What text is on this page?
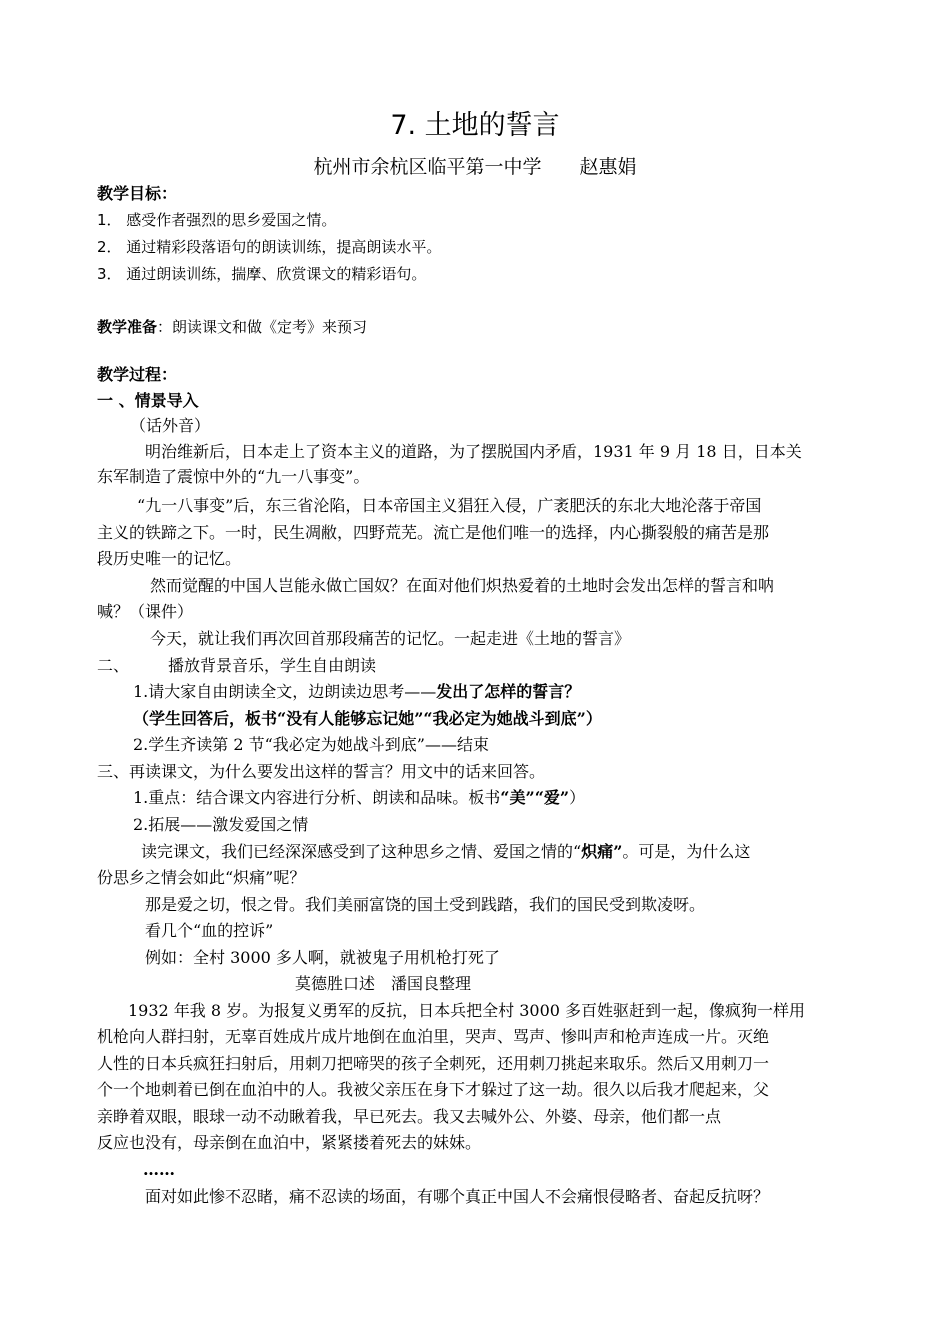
7. 土地的誓言
杭州市余杭区临平第一中学　　赵惠娟
教学目标：
1． 感受作者强烈的思乡爱国之情。
2． 通过精彩段落语句的朗读训练，提高朗读水平。
3． 通过朗读训练，揣摩、欣赏课文的精彩语句。
教学准备：朗读课文和做《定考》来预习
教学过程：
一 、情景导入
（话外音）
明治维新后，日本走上了资本主义的道路，为了摆脱国内矛盾，1931 年 9 月 18 日，日本关
东军制造了震惊中外的“九一八事变”。
“九一八事变”后，东三省沦陷，日本帝国主义猖狂入侵，广袤肥沃的东北大地沦落于帝国
主义的铁蹄之下。一时，民生凋敝，四野荒芜。流亡是他们唯一的选择，内心撕裂般的痛苦是那
段历史唯一的记忆。
然而觉醒的中国人岂能永做亡国奴？在面对他们炽热爱着的土地时会发出怎样的誓言和呐
喊？（课件）
今天，就让我们再次回首那段痛苦的记忆。一起走进《土地的誓言》
二、 播放背景音乐，学生自由朗读
1.请大家自由朗读全文，边朗读边思考——发出了怎样的誓言？
（学生回答后，板书“没有人能够忘记她”“我必定为她战斗到底”）
2.学生齐读第 2 节“我必定为她战斗到底”——结束
三、再读课文，为什么要发出这样的誓言？用文中的话来回答。
1.重点：结合课文内容进行分析、朗读和品味。板书“美”“爱”）
2.拓展——激发爱国之情
读完课文，我们已经深深感受到了这种思乡之情、爱国之情的“炽痛”。可是，为什么这
份思乡之情会如此“炽痛”呢？
那是爱之切，恨之骨。我们美丽富饶的国土受到践踏，我们的国民受到欺凌呀。
看几个“血的控诉”
例如：全村 3000 多人啊，就被鬼子用机枪打死了
莫德胜口述　潘国良整理
1932 年我 8 岁。为报复义勇军的反抗，日本兵把全村 3000 多百姓驱赶到一起，像疯狗一样用
机枪向人群扫射，无辜百姓成片成片地倒在血泊里，哭声、骂声、惨叫声和枪声连成一片。灭绝
人性的日本兵疯狂扫射后，用刺刀把啼哭的孩子全刺死，还用刺刀挑起来取乐。然后又用刺刀一
个一个地刺着已倒在血泊中的人。我被父亲压在身下才躲过了这一劫。很久以后我才爬起来，父
亲睁着双眼，眼球一动不动瞅着我，早已死去。我又去喊外公、外婆、母亲，他们都一点
反应也没有，母亲倒在血泊中，紧紧搂着死去的妹妹。
……
面对如此惨不忍睹，痛不忍读的场面，有哪个真正中国人不会痛恨侵略者、奋起反抗呀？
